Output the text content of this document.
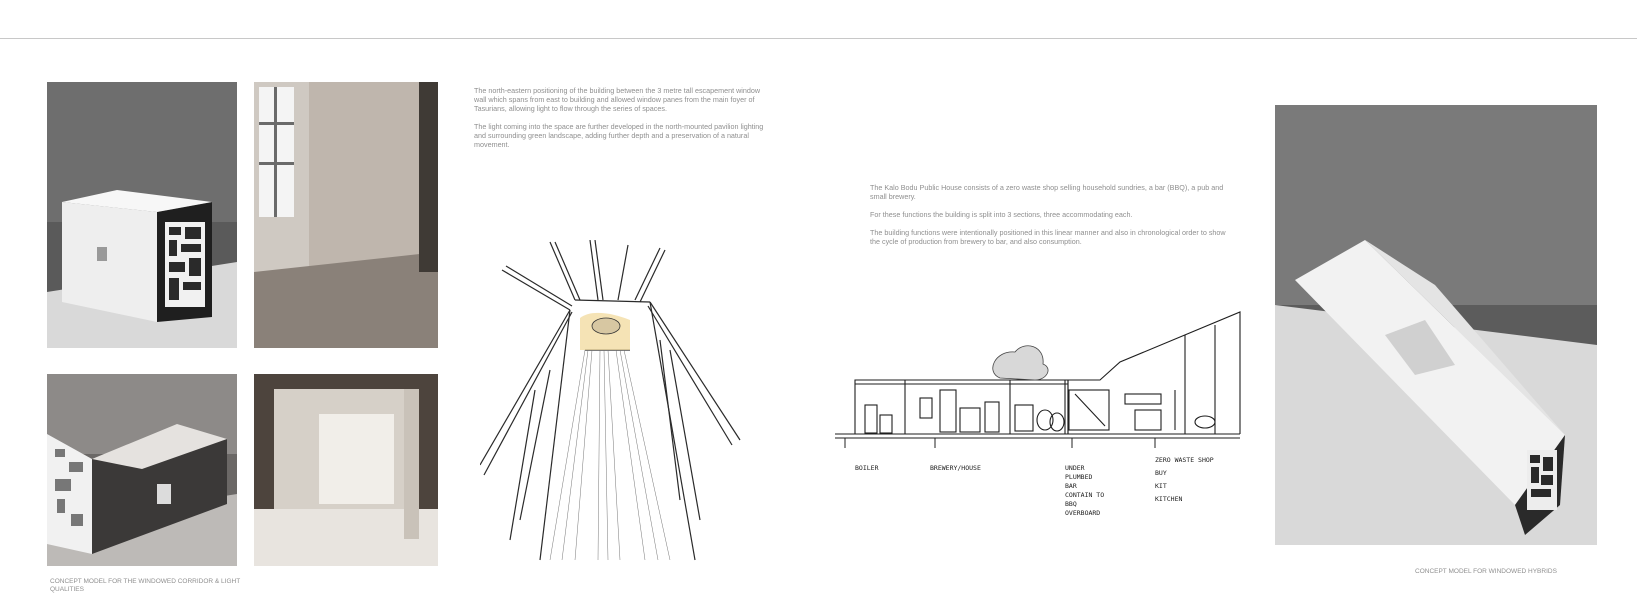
CONCEPT MODEL FOR THE WINDOWED CORRIDOR & LIGHT QUALITIES

The north-eastern positioning of the building between the 3 metre tall escapement window wall which spans from east to building and allowed window panes from the main foyer of Tasurians, allowing light to flow through the series of spaces.

The light coming into the space are further developed in the north-mounted pavilion lighting and surrounding green landscape, adding further depth and a preservation of a natural movement.

The Kalo Bodu Public House consists of a zero waste shop selling household sundries, a bar (BBQ), a pub and small brewery.

For these functions the building is split into 3 sections, three accommodating each.

The building functions were intentionally positioned in this linear manner and also in chronological order to show the cycle of production from brewery to bar, and also consumption.

BOILER	BREWERY/HOUSE	UNDER
PLUMBED
BAR
CONTAIN TO
BBQ
OVERBOARD
ZERO WASTE SHOP
BUY
KIT
KITCHEN
CONCEPT MODEL FOR WINDOWED HYBRIDS
